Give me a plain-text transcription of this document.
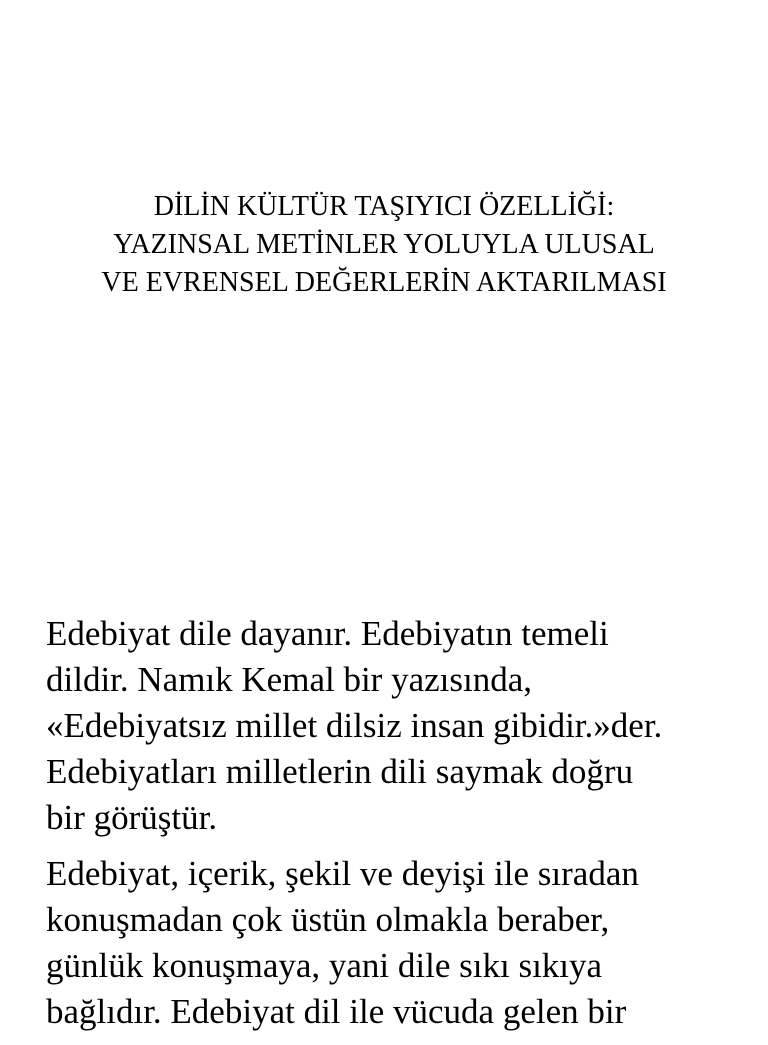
DİLİN KÜLTÜR TAŞIYICI ÖZELLİĞİ:
YAZINSAL METİNLER YOLUYLA ULUSAL
VE EVRENSEL DEĞERLERİN AKTARILMASI
Edebiyat dile dayanır. Edebiyatın temeli
dildir. Namık Kemal bir yazısında,
«Edebiyatsız millet dilsiz insan gibidir.»der.
Edebiyatları milletlerin dili saymak doğru
bir görüştür.
Edebiyat, içerik, şekil ve deyişi ile sıradan
konuşmadan çok üstün olmakla beraber,
günlük konuşmaya, yani dile sıkı sıkıya
bağlıdır. Edebiyat dil ile vücuda gelen bir
